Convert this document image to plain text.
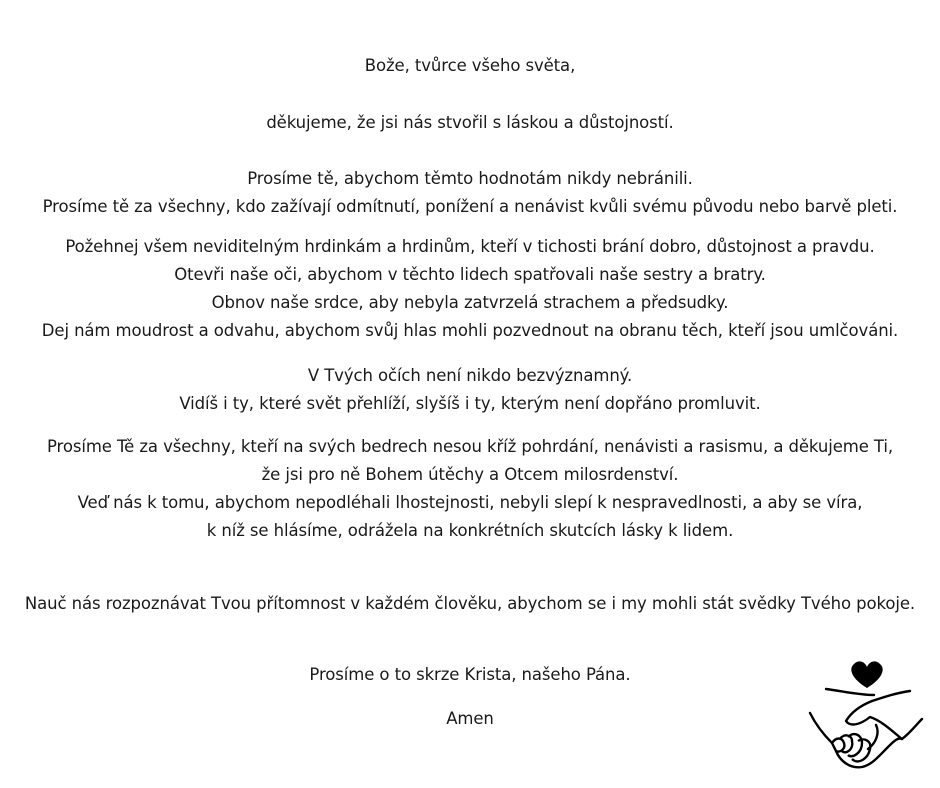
Bože, tvůrce všeho světa,
děkujeme, že jsi nás stvořil s láskou a důstojností.
Prosíme tě, abychom těmto hodnotám nikdy nebránili.
Prosíme tě za všechny, kdo zažívají odmítnutí, ponížení a nenávist kvůli svému původu nebo barvě pleti.
Požehnej všem neviditelným hrdinkám a hrdinům, kteří v tichosti brání dobro, důstojnost a pravdu.
Otevři naše oči, abychom v těchto lidech spatřovali naše sestry a bratry.
Obnov naše srdce, aby nebyla zatvrzelá strachem a předsudky.
Dej nám moudrost a odvahu, abychom svůj hlas mohli pozvednout na obranu těch, kteří jsou umlčováni.
V Tvých očích není nikdo bezvýznamný.
Vidíš i ty, které svět přehlíží, slyšíš i ty, kterým není dopřáno promluvit.
Prosíme Tě za všechny, kteří na svých bedrech nesou kříž pohrdání, nenávisti a rasismu, a děkujeme Ti,
že jsi pro ně Bohem útěchy a Otcem milosrdenství.
Veď nás k tomu, abychom nepodléhali lhostejnosti, nebyli slepí k nespravedlnosti, a aby se víra,
k níž se hlásíme, odrážela na konkrétních skutcích lásky k lidem.
Nauč nás rozpoznávat Tvou přítomnost v každém člověku, abychom se i my mohli stát svědky Tvého pokoje.
Prosíme o to skrze Krista, našeho Pána.
Amen
